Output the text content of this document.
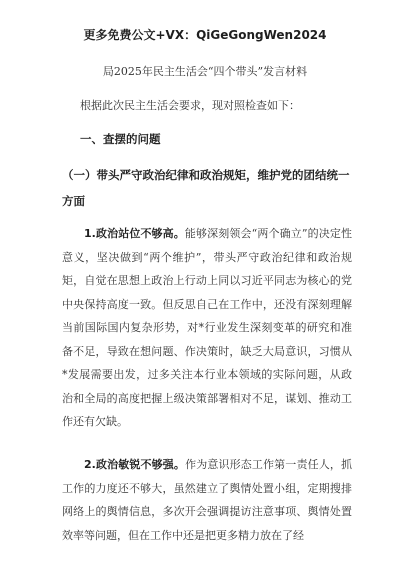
更多免费公文+VX：QiGeGongWen2024
局2025年民主生活会“四个带头”发言材料
根据此次民主生活会要求，现对照检查如下：
一、查摆的问题
（一）带头严守政治纪律和政治规矩，维护党的团结统一方面
1.政治站位不够高。能够深刻领会“两个确立”的决定性意义，坚决做到“两个维护”，带头严守政治纪律和政治规矩，自觉在思想上政治上行动上同以习近平同志为核心的党中央保持高度一致。但反思自己在工作中，还没有深刻理解当前国际国内复杂形势，对*行业发生深刻变革的研究和准备不足，导致在想问题、作决策时，缺乏大局意识，习惯从*发展需要出发，过多关注本行业本领域的实际问题，从政治和全局的高度把握上级决策部署相对不足，谋划、推动工作还有欠缺。
2.政治敏锐不够强。作为意识形态工作第一责任人，抓工作的力度还不够大，虽然建立了舆情处置小组，定期搜排网络上的舆情信息，多次开会强调提访注意事项、舆情处置效率等问题，但在工作中还是把更多精力放在了经
